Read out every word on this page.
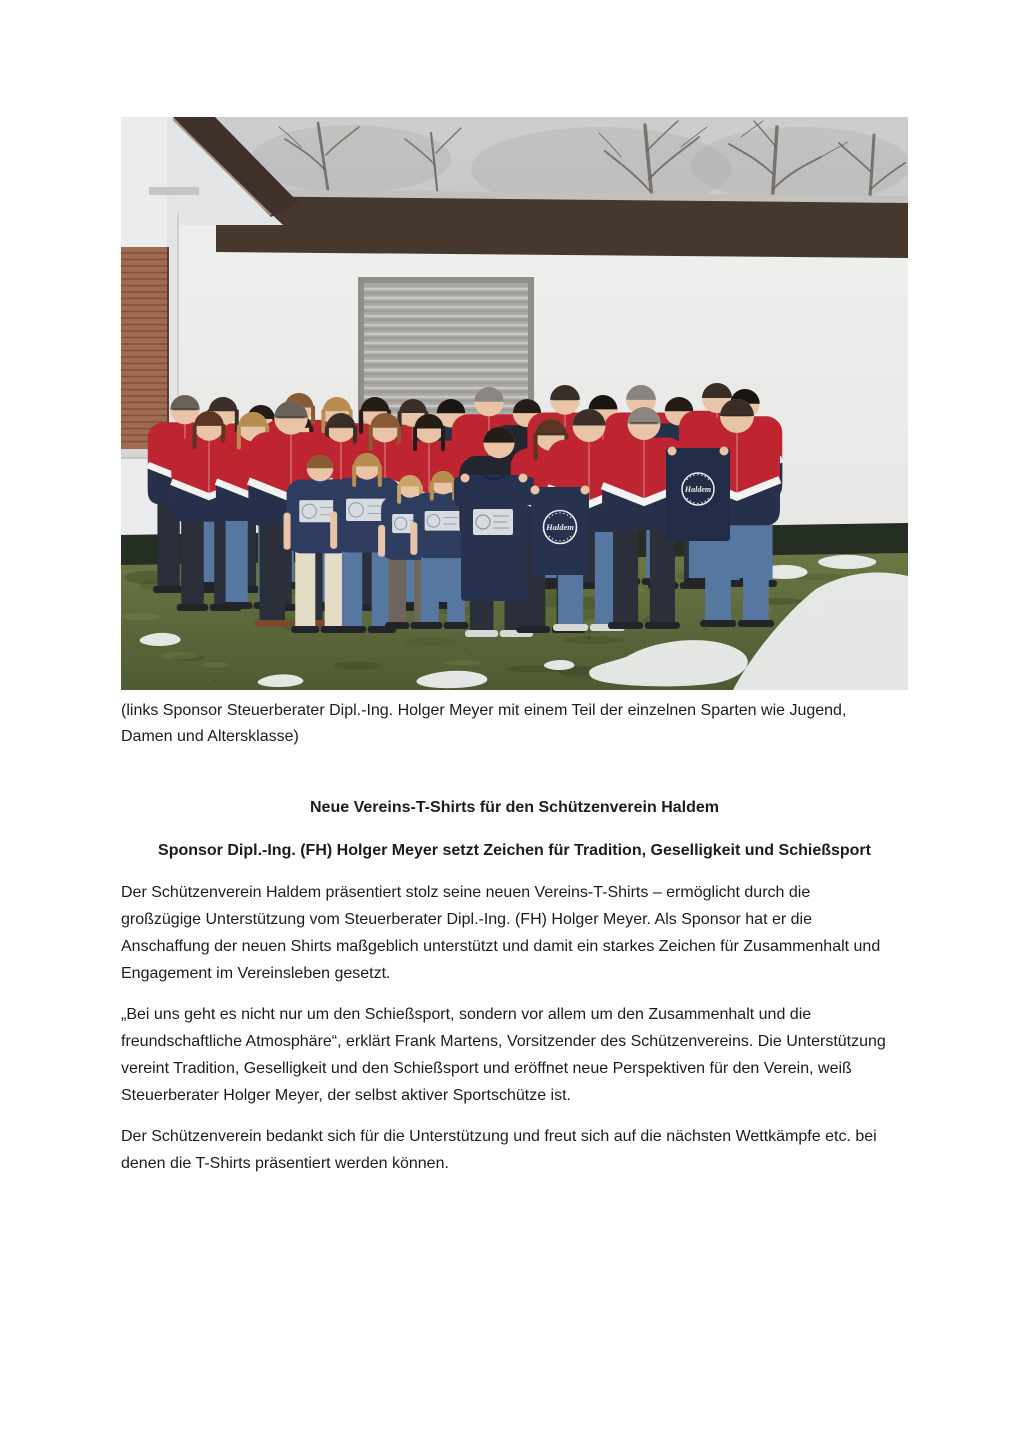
Haldem
Haldem

(links Sponsor Steuerberater Dipl.-Ing. Holger Meyer mit einem Teil der einzelnen Sparten wie Jugend, Damen und Altersklasse)

Neue Vereins-T-Shirts für den Schützenverein Haldem
Sponsor Dipl.-Ing. (FH) Holger Meyer setzt Zeichen für Tradition, Geselligkeit und Schießsport

Der Schützenverein Haldem präsentiert stolz seine neuen Vereins-T-Shirts – ermöglicht durch die großzügige Unterstützung vom Steuerberater Dipl.-Ing. (FH) Holger Meyer. Als Sponsor hat er die Anschaffung der neuen Shirts maßgeblich unterstützt und damit ein starkes Zeichen für Zusammenhalt und Engagement im Vereinsleben gesetzt.

„Bei uns geht es nicht nur um den Schießsport, sondern vor allem um den Zusammenhalt und die freundschaftliche Atmosphäre“, erklärt Frank Martens, Vorsitzender des Schützenvereins. Die Unterstützung vereint Tradition, Geselligkeit und den Schießsport und eröffnet neue Perspektiven für den Verein, weiß Steuerberater Holger Meyer, der selbst aktiver Sportschütze ist.

Der Schützenverein bedankt sich für die Unterstützung und freut sich auf die nächsten Wettkämpfe etc. bei denen die T-Shirts präsentiert werden können.
